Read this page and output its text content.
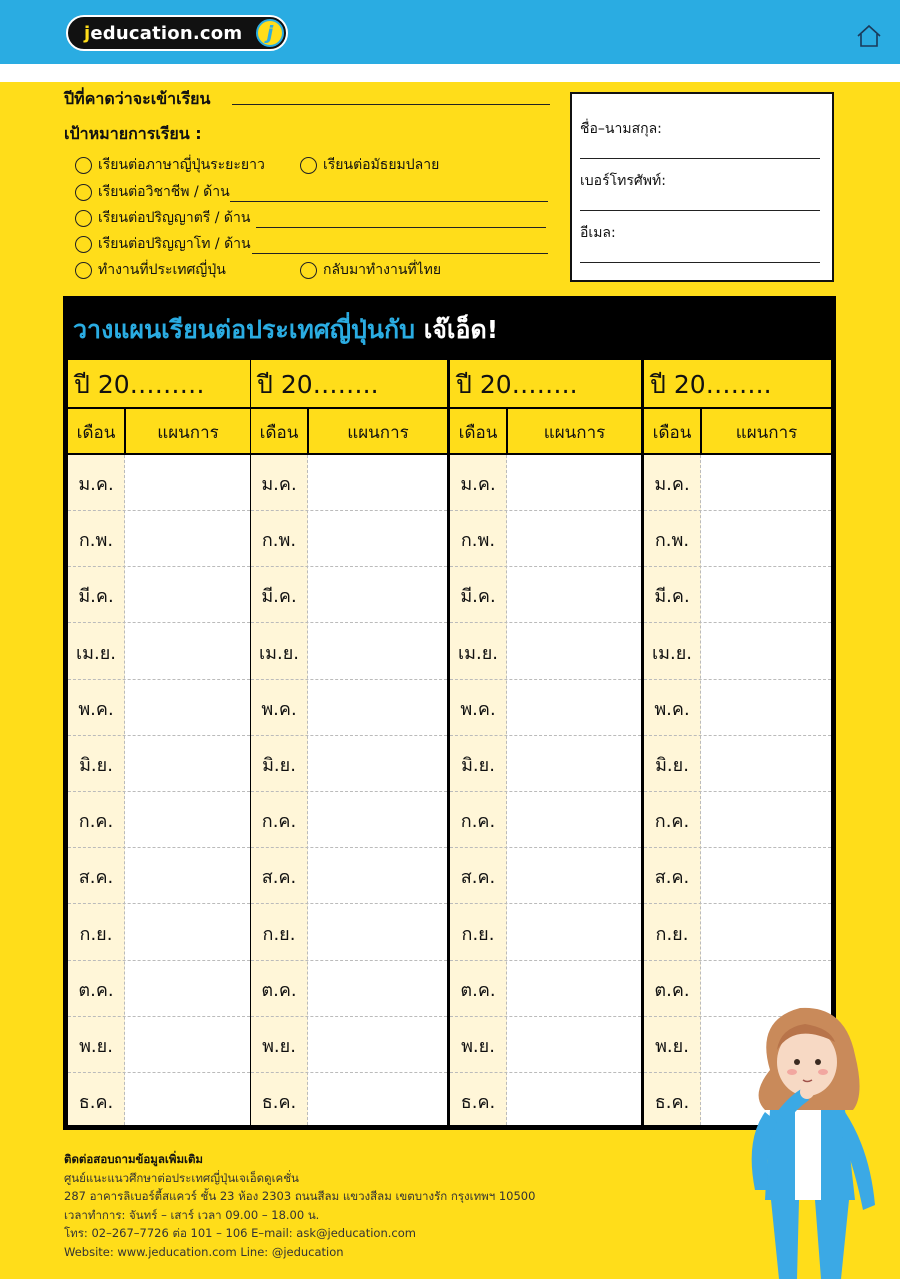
jeducation.com	j
ปีที่คาดว่าจะเข้าเรียน
เป้าหมายการเรียน :
เรียนต่อภาษาญี่ปุ่นระยะยาว	เรียนต่อมัธยมปลาย
เรียนต่อวิชาชีพ / ด้าน
เรียนต่อปริญญาตรี / ด้าน
เรียนต่อปริญญาโท / ด้าน
ทำงานที่ประเทศญี่ปุ่น	กลับมาทำงานที่ไทย
ชื่อ–นามสกุล:
เบอร์โทรศัพท์:
อีเมล:
วางแผนเรียนต่อประเทศญี่ปุ่นกับ เจ๊เอ็ด!
ปี 20………
เดือน	แผนการ
ม.ค.
ก.พ.
มี.ค.
เม.ย.
พ.ค.
มิ.ย.
ก.ค.
ส.ค.
ก.ย.
ต.ค.
พ.ย.
ธ.ค.
ปี 20……..
เดือน	แผนการ
ม.ค.
ก.พ.
มี.ค.
เม.ย.
พ.ค.
มิ.ย.
ก.ค.
ส.ค.
ก.ย.
ต.ค.
พ.ย.
ธ.ค.
ปี 20……..
เดือน	แผนการ
ม.ค.
ก.พ.
มี.ค.
เม.ย.
พ.ค.
มิ.ย.
ก.ค.
ส.ค.
ก.ย.
ต.ค.
พ.ย.
ธ.ค.
ปี 20……..
เดือน	แผนการ
ม.ค.
ก.พ.
มี.ค.
เม.ย.
พ.ค.
มิ.ย.
ก.ค.
ส.ค.
ก.ย.
ต.ค.
พ.ย.
ธ.ค.
ติดต่อสอบถามข้อมูลเพิ่มเติม
ศูนย์แนะแนวศึกษาต่อประเทศญี่ปุ่นเจเอ็ดดูเคชั่น
287 อาคารลิเบอร์ตี้สแควร์ ชั้น 23 ห้อง 2303 ถนนสีลม แขวงสีลม เขตบางรัก กรุงเทพฯ 10500
เวลาทำการ: จันทร์ – เสาร์ เวลา 09.00 – 18.00 น.
โทร: 02–267–7726 ต่อ 101 – 106 E–mail: ask@jeducation.com
Website: www.jeducation.com Line: @jeducation
